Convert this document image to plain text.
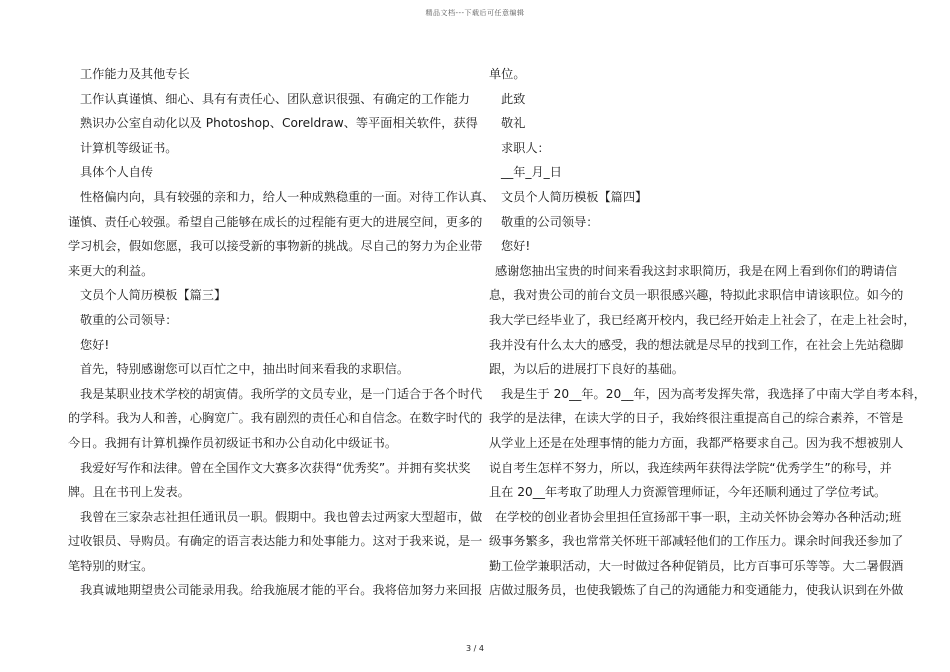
精品文档---下载后可任意编辑
工作能力及其他专长
工作认真谨慎、细心、具有有责任心、团队意识很强、有确定的工作能力
熟识办公室自动化以及 Photoshop、Coreldraw、等平面相关软件，获得
计算机等级证书。
具体个人自传
性格偏内向，具有较强的亲和力，给人一种成熟稳重的一面。对待工作认真、
谨慎、责任心较强。希望自己能够在成长的过程能有更大的进展空间，更多的
学习机会，假如您愿，我可以接受新的事物新的挑战。尽自己的努力为企业带
来更大的利益。
文员个人简历模板【篇三】
敬重的公司领导：
您好!
首先，特别感谢您可以百忙之中，抽出时间来看我的求职信。
我是某职业技术学校的胡寅倩。我所学的文员专业，是一门适合于各个时代
的学科。我为人和善，心胸宽广。我有剧烈的责任心和自信念。在数字时代的
今日。我拥有计算机操作员初级证书和办公自动化中级证书。
我爱好写作和法律。曾在全国作文大赛多次获得“优秀奖”。并拥有奖状奖
牌。且在书刊上发表。
我曾在三家杂志社担任通讯员一职。假期中。我也曾去过两家大型超市，做
过收银员、导购员。有确定的语言表达能力和处事能力。这对于我来说，是一
笔特别的财宝。
我真诚地期望贵公司能录用我。给我施展才能的平台。我将倍加努力来回报
单位。
此致
敬礼
求职人：
__年_月_日
文员个人简历模板【篇四】
敬重的公司领导：
您好!
感谢您抽出宝贵的时间来看我这封求职简历，我是在网上看到你们的聘请信
息，我对贵公司的前台文员一职很感兴趣，特拟此求职信申请该职位。如今的
我大学已经毕业了，我已经离开校内，我已经开始走上社会了，在走上社会时，
我并没有什么太大的感受，我的想法就是尽早的找到工作，在社会上先站稳脚
跟，为以后的进展打下良好的基础。
我是生于 20__年。20__年，因为高考发挥失常，我选择了中南大学自考本科，
我学的是法律，在读大学的日子，我始终很注重提高自己的综合素养，不管是
从学业上还是在处理事情的能力方面，我都严格要求自己。因为我不想被别人
说自考生怎样不努力，所以，我连续两年获得法学院“优秀学生”的称号，并
且在 20__年考取了助理人力资源管理师证，今年还顺利通过了学位考试。
在学校的创业者协会里担任宣扬部干事一职，主动关怀协会筹办各种活动;班
级事务繁多，我也常常关怀班干部减轻他们的工作压力。课余时间我还参加了
勤工俭学兼职活动，大一时做过各种促销员，比方百事可乐等等。大二暑假酒
店做过服务员，也使我锻炼了自己的沟通能力和变通能力，使我认识到在外做
3 / 4
